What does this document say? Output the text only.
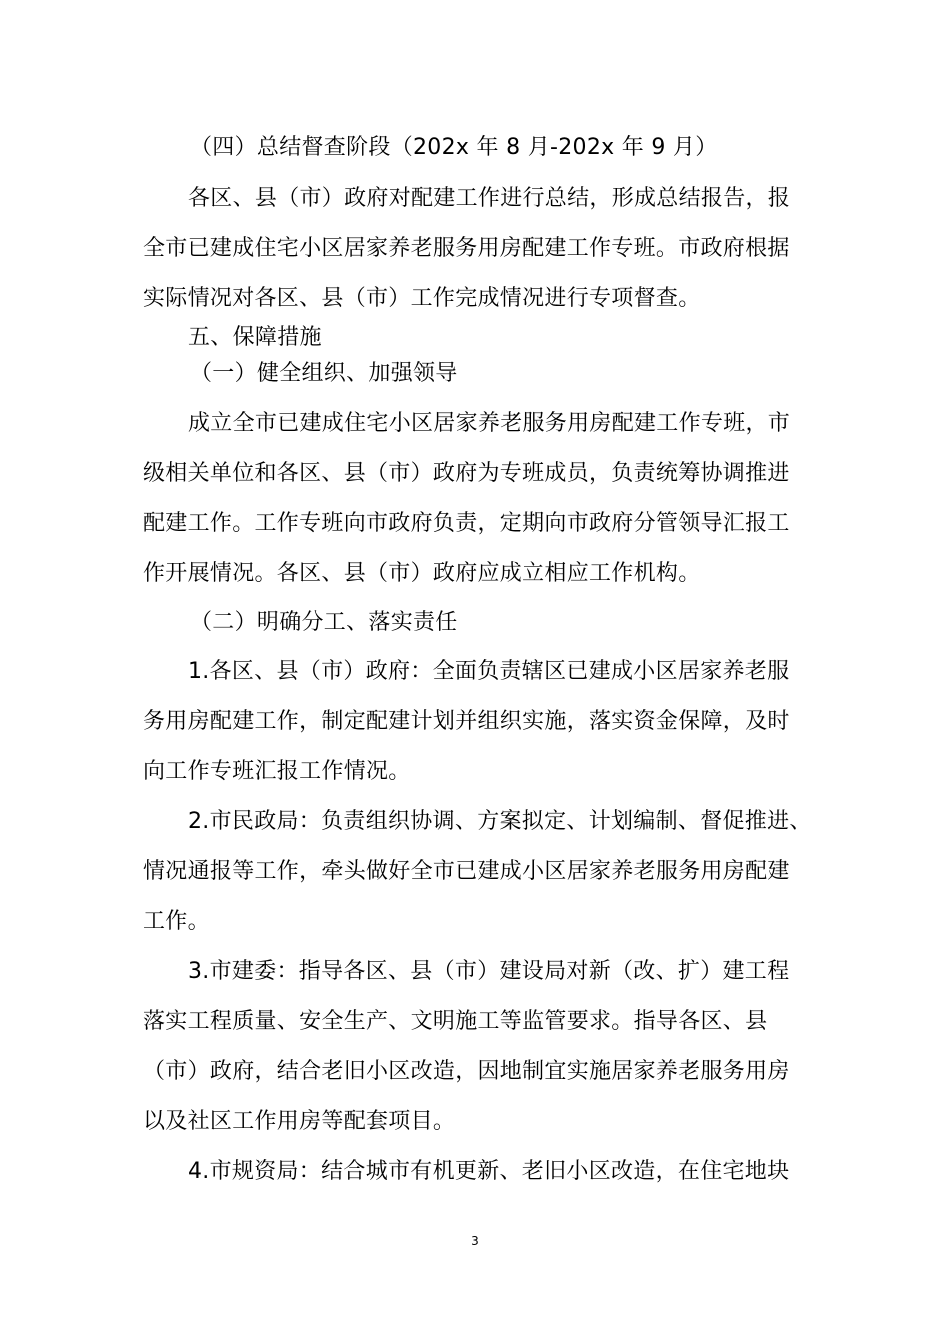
（四）总结督查阶段（202x 年 8 月-202x 年 9 月）
各区、县（市）政府对配建工作进行总结，形成总结报告，报
全市已建成住宅小区居家养老服务用房配建工作专班。市政府根据
实际情况对各区、县（市）工作完成情况进行专项督查。
五、保障措施
（一）健全组织、加强领导
成立全市已建成住宅小区居家养老服务用房配建工作专班，市
级相关单位和各区、县（市）政府为专班成员，负责统筹协调推进
配建工作。工作专班向市政府负责，定期向市政府分管领导汇报工
作开展情况。各区、县（市）政府应成立相应工作机构。
（二）明确分工、落实责任
1.各区、县（市）政府：全面负责辖区已建成小区居家养老服
务用房配建工作，制定配建计划并组织实施，落实资金保障，及时
向工作专班汇报工作情况。
2.市民政局：负责组织协调、方案拟定、计划编制、督促推进、
情况通报等工作，牵头做好全市已建成小区居家养老服务用房配建
工作。
3.市建委：指导各区、县（市）建设局对新（改、扩）建工程
落实工程质量、安全生产、文明施工等监管要求。指导各区、县
（市）政府，结合老旧小区改造，因地制宜实施居家养老服务用房
以及社区工作用房等配套项目。
4.市规资局：结合城市有机更新、老旧小区改造，在住宅地块
3
